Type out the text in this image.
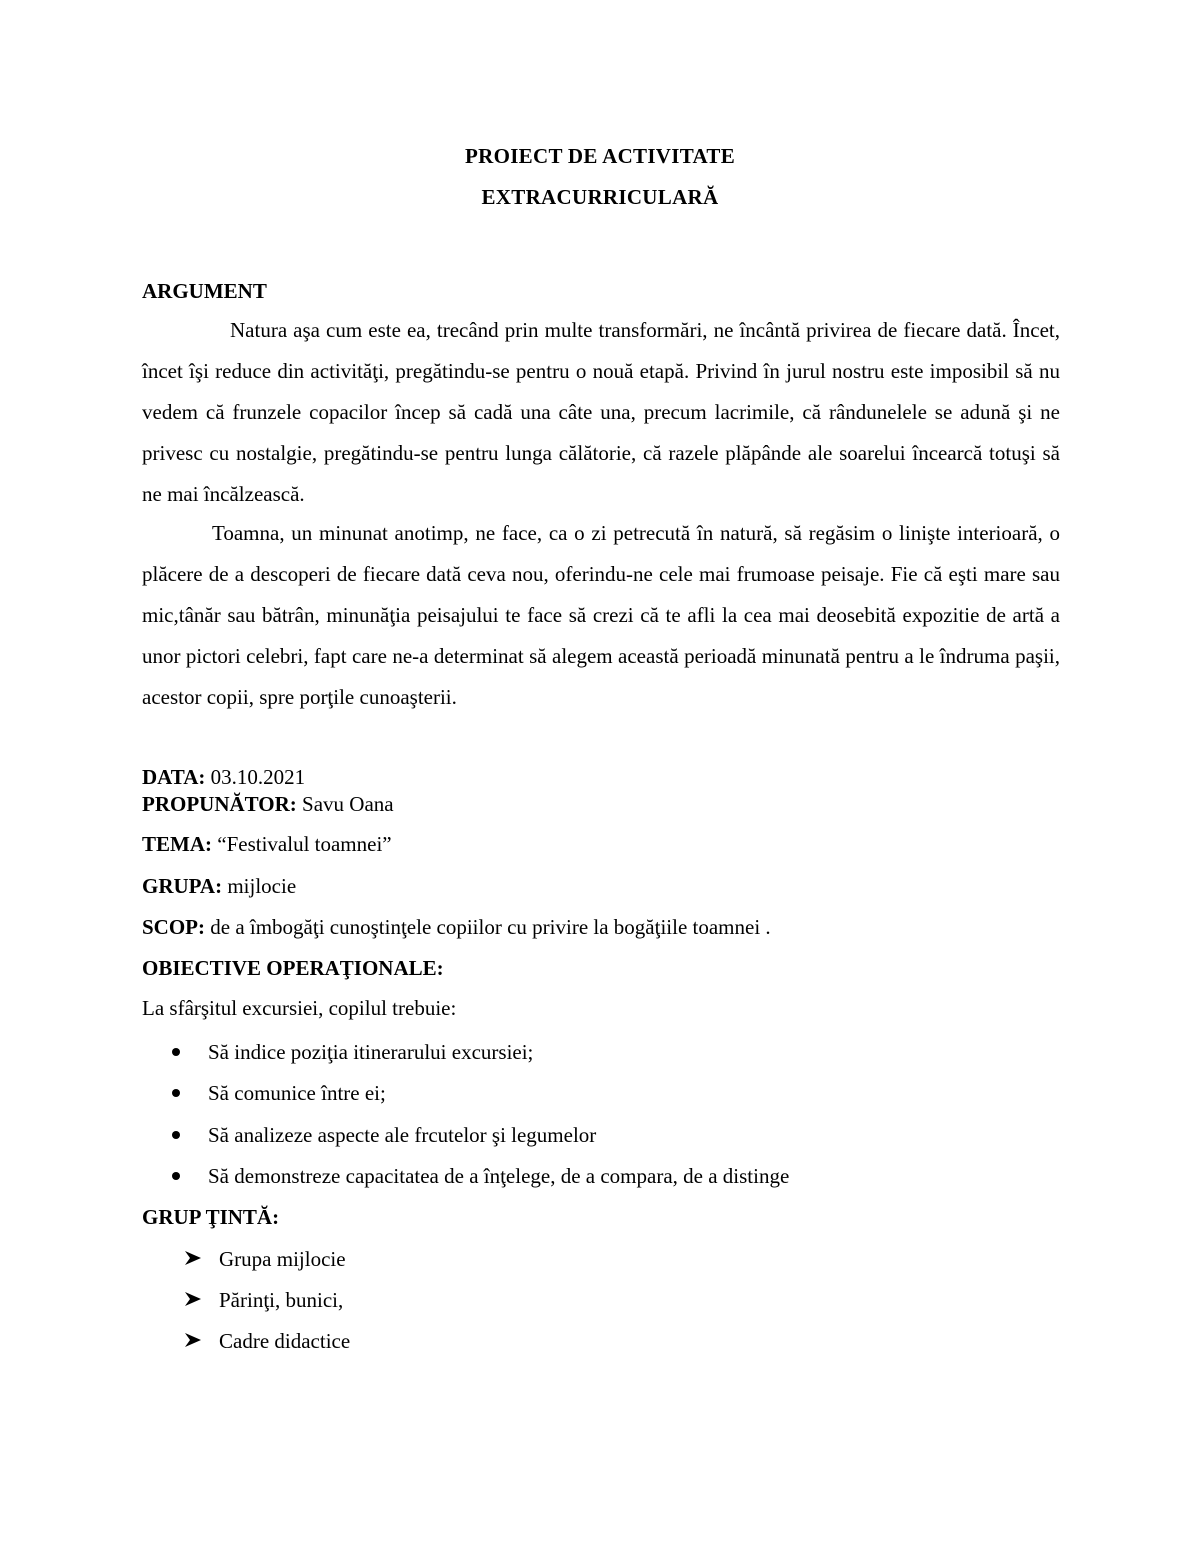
PROIECT DE ACTIVITATE
EXTRACURRICULARĂ
ARGUMENT

Natura aşa cum este ea, trecând prin multe transformări, ne încântă privirea de fiecare dată. Încet, încet îşi reduce din activităţi, pregătindu-se pentru o nouă etapă. Privind în jurul nostru este imposibil să nu vedem că frunzele copacilor încep să cadă una câte una, precum lacrimile, că rândunelele se adună şi ne privesc cu nostalgie, pregătindu-se pentru lunga călătorie, că razele plăpânde ale soarelui încearcă totuşi să ne mai încălzească.

Toamna, un minunat anotimp, ne face, ca o zi petrecută în natură, să regăsim o linişte interioară, o plăcere de a descoperi de fiecare dată ceva nou, oferindu-ne cele mai frumoase peisaje. Fie că eşti mare sau mic,tânăr sau bătrân, minunăţia peisajului te face să crezi că te afli la cea mai deosebită expozitie de artă a unor pictori celebri, fapt care ne-a determinat să alegem această perioadă minunată pentru a le îndruma paşii, acestor copii, spre porţile cunoaşterii.

DATA: 03.10.2021
PROPUNĂTOR: Savu Oana
TEMA: “Festivalul toamnei”
GRUPA: mijlocie
SCOP: de a îmbogăţi cunoştinţele copiilor cu privire la bogăţiile toamnei .
OBIECTIVE OPERAŢIONALE:
La sfârşitul excursiei, copilul trebuie:
Să indice poziţia itinerarului excursiei;
Să comunice între ei;
Să analizeze aspecte ale frcutelor şi legumelor
Să demonstreze capacitatea de a înţelege, de a compara, de a distinge
GRUP ŢINTĂ:
Grupa mijlocie
Părinţi, bunici,
Cadre didactice
